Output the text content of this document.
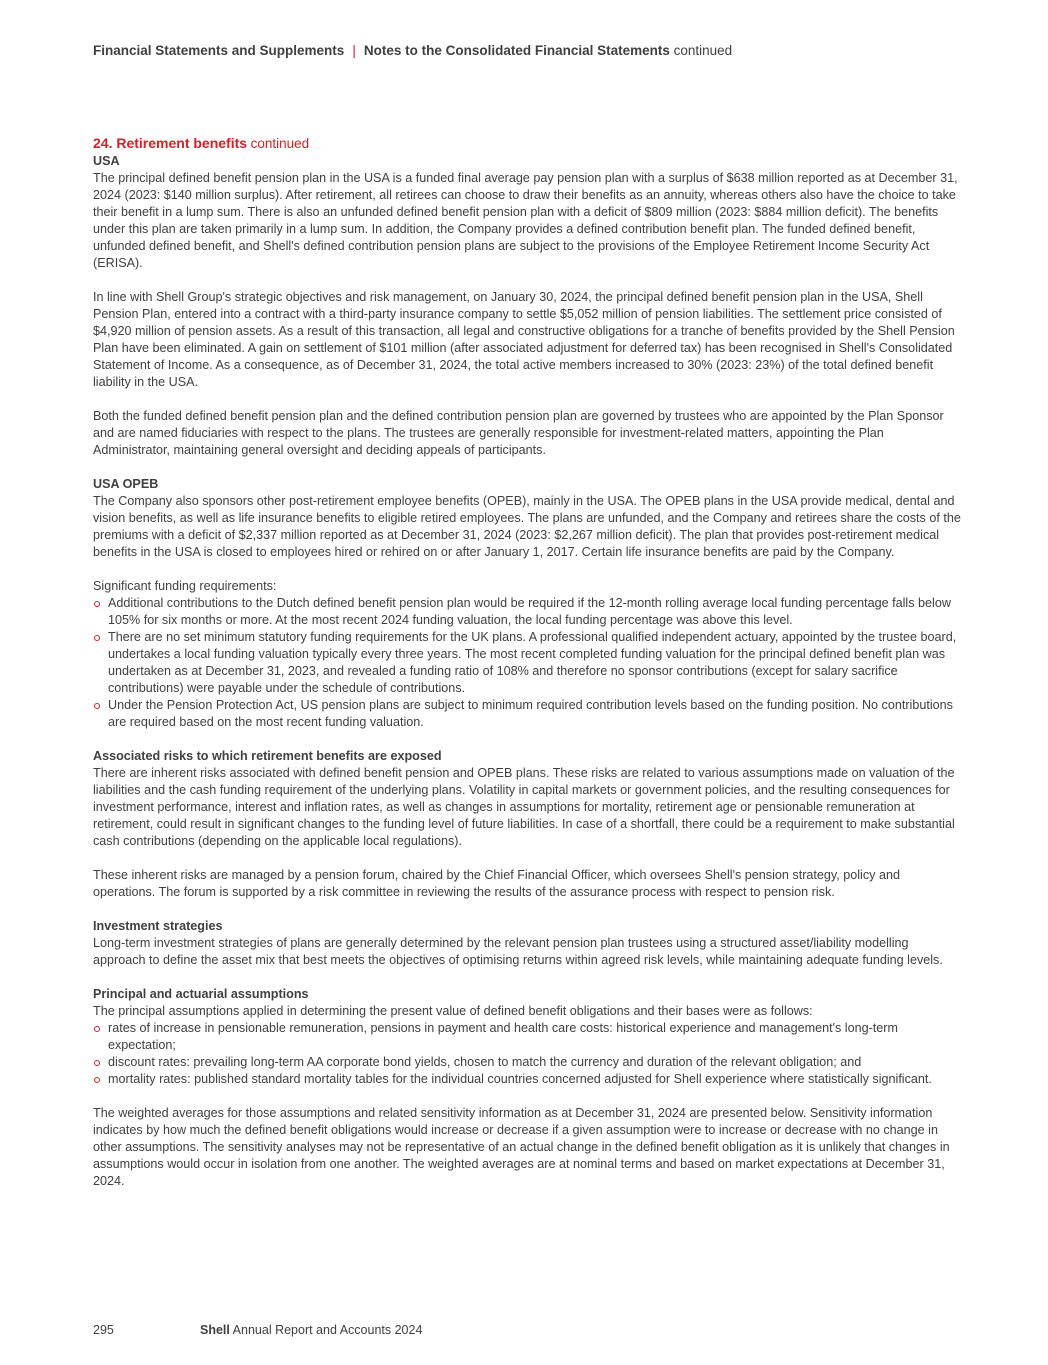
Financial Statements and Supplements | Notes to the Consolidated Financial Statements continued
24. Retirement benefits continued
USA

The principal defined benefit pension plan in the USA is a funded final average pay pension plan with a surplus of $638 million reported as at December 31, 2024 (2023: $140 million surplus). After retirement, all retirees can choose to draw their benefits as an annuity, whereas others also have the choice to take their benefit in a lump sum. There is also an unfunded defined benefit pension plan with a deficit of $809 million (2023: $884 million deficit). The benefits under this plan are taken primarily in a lump sum. In addition, the Company provides a defined contribution benefit plan. The funded defined benefit, unfunded defined benefit, and Shell's defined contribution pension plans are subject to the provisions of the Employee Retirement Income Security Act (ERISA).

In line with Shell Group's strategic objectives and risk management, on January 30, 2024, the principal defined benefit pension plan in the USA, Shell Pension Plan, entered into a contract with a third-party insurance company to settle $5,052 million of pension liabilities. The settlement price consisted of $4,920 million of pension assets. As a result of this transaction, all legal and constructive obligations for a tranche of benefits provided by the Shell Pension Plan have been eliminated. A gain on settlement of $101 million (after associated adjustment for deferred tax) has been recognised in Shell's Consolidated Statement of Income. As a consequence, as of December 31, 2024, the total active members increased to 30% (2023: 23%) of the total defined benefit liability in the USA.

Both the funded defined benefit pension plan and the defined contribution pension plan are governed by trustees who are appointed by the Plan Sponsor and are named fiduciaries with respect to the plans. The trustees are generally responsible for investment-related matters, appointing the Plan Administrator, maintaining general oversight and deciding appeals of participants.

USA OPEB

The Company also sponsors other post-retirement employee benefits (OPEB), mainly in the USA. The OPEB plans in the USA provide medical, dental and vision benefits, as well as life insurance benefits to eligible retired employees. The plans are unfunded, and the Company and retirees share the costs of the premiums with a deficit of $2,337 million reported as at December 31, 2024 (2023: $2,267 million deficit). The plan that provides post-retirement medical benefits in the USA is closed to employees hired or rehired on or after January 1, 2017. Certain life insurance benefits are paid by the Company.

Significant funding requirements:
Additional contributions to the Dutch defined benefit pension plan would be required if the 12-month rolling average local funding percentage falls below 105% for six months or more. At the most recent 2024 funding valuation, the local funding percentage was above this level.
There are no set minimum statutory funding requirements for the UK plans. A professional qualified independent actuary, appointed by the trustee board, undertakes a local funding valuation typically every three years. The most recent completed funding valuation for the principal defined benefit plan was undertaken as at December 31, 2023, and revealed a funding ratio of 108% and therefore no sponsor contributions (except for salary sacrifice contributions) were payable under the schedule of contributions.
Under the Pension Protection Act, US pension plans are subject to minimum required contribution levels based on the funding position. No contributions are required based on the most recent funding valuation.
Associated risks to which retirement benefits are exposed

There are inherent risks associated with defined benefit pension and OPEB plans. These risks are related to various assumptions made on valuation of the liabilities and the cash funding requirement of the underlying plans. Volatility in capital markets or government policies, and the resulting consequences for investment performance, interest and inflation rates, as well as changes in assumptions for mortality, retirement age or pensionable remuneration at retirement, could result in significant changes to the funding level of future liabilities. In case of a shortfall, there could be a requirement to make substantial cash contributions (depending on the applicable local regulations).

These inherent risks are managed by a pension forum, chaired by the Chief Financial Officer, which oversees Shell's pension strategy, policy and operations. The forum is supported by a risk committee in reviewing the results of the assurance process with respect to pension risk.

Investment strategies

Long-term investment strategies of plans are generally determined by the relevant pension plan trustees using a structured asset/liability modelling approach to define the asset mix that best meets the objectives of optimising returns within agreed risk levels, while maintaining adequate funding levels.

Principal and actuarial assumptions
The principal assumptions applied in determining the present value of defined benefit obligations and their bases were as follows:
rates of increase in pensionable remuneration, pensions in payment and health care costs: historical experience and management's long-term expectation;
discount rates: prevailing long-term AA corporate bond yields, chosen to match the currency and duration of the relevant obligation; and
mortality rates: published standard mortality tables for the individual countries concerned adjusted for Shell experience where statistically significant.

The weighted averages for those assumptions and related sensitivity information as at December 31, 2024 are presented below. Sensitivity information indicates by how much the defined benefit obligations would increase or decrease if a given assumption were to increase or decrease with no change in other assumptions. The sensitivity analyses may not be representative of an actual change in the defined benefit obligation as it is unlikely that changes in assumptions would occur in isolation from one another. The weighted averages are at nominal terms and based on market expectations at December 31, 2024.

295	Shell Annual Report and Accounts 2024
